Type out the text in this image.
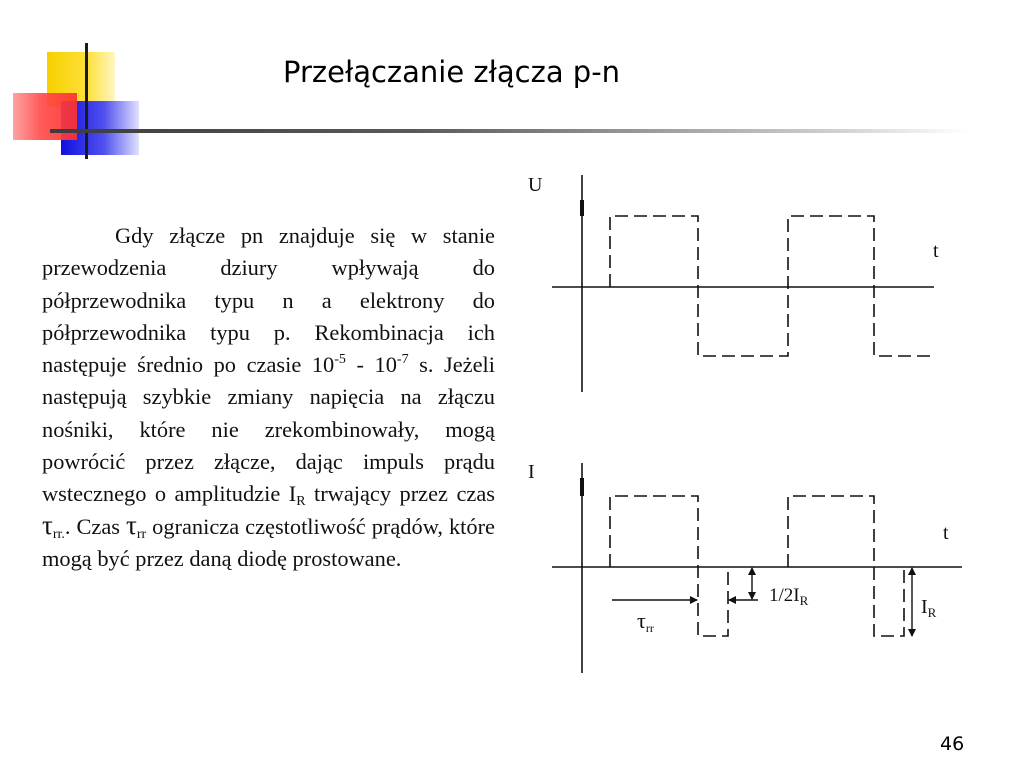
Przełączanie złącza p-n
Gdy złącze pn znajduje się w stanie przewodzenia dziury wpływają do półprzewodnika typu n a elektrony do półprzewodnika typu p. Rekombinacja ich następuje średnio po czasie $10^{-5} - 10^{-7}$ s. Jeżeli następują szybkie zmiany napięcia na złączu nośniki, które nie zrekombinowały, mogą powrócić przez złącze, dając impuls prądu wstecznego o amplitudzie $I_R$ trwający przez czas $\tau_{rr.}$. Czas $\tau_{rr}$ ogranicza częstotliwość prądów, które mogą być przez daną diodę prostowane.
U
t
I
t
$1/2I_R$	$I_R$
τrr
46
